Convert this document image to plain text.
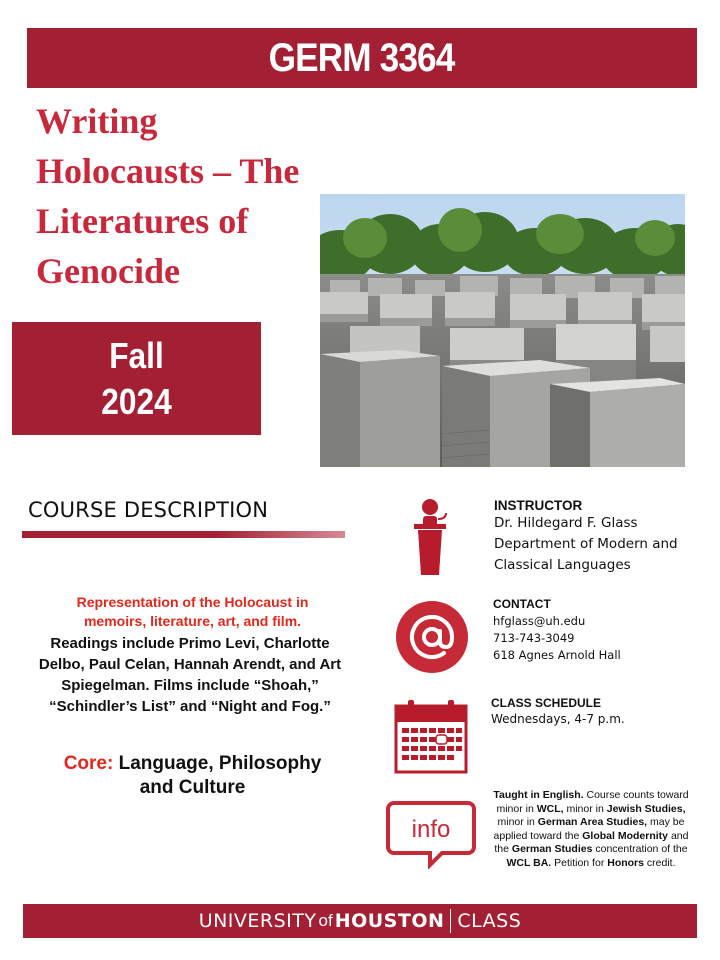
GERM 3364
Writing
Holocausts – The
Literatures of
Genocide
Fall
2024
COURSE DESCRIPTION
Representation of the Holocaust in
memoirs, literature, art, and film.
Readings include Primo Levi, Charlotte
Delbo, Paul Celan, Hannah Arendt, and Art
Spiegelman. Films include “Shoah,”
“Schindler’s List” and “Night and Fog.”
Core: Language, Philosophy
and Culture
INSTRUCTOR
Dr. Hildegard F. Glass
Department of Modern and
Classical Languages
CONTACT
hfglass@uh.edu
713-743-3049
618 Agnes Arnold Hall
CLASS SCHEDULE
Wednesdays, 4-7 p.m.
info
Taught in English. Course counts toward minor in WCL, minor in Jewish Studies, minor in German Area Studies, may be applied toward the Global Modernity and the German Studies concentration of the WCL BA. Petition for Honors credit.
UNIVERSITY of HOUSTON CLASS
